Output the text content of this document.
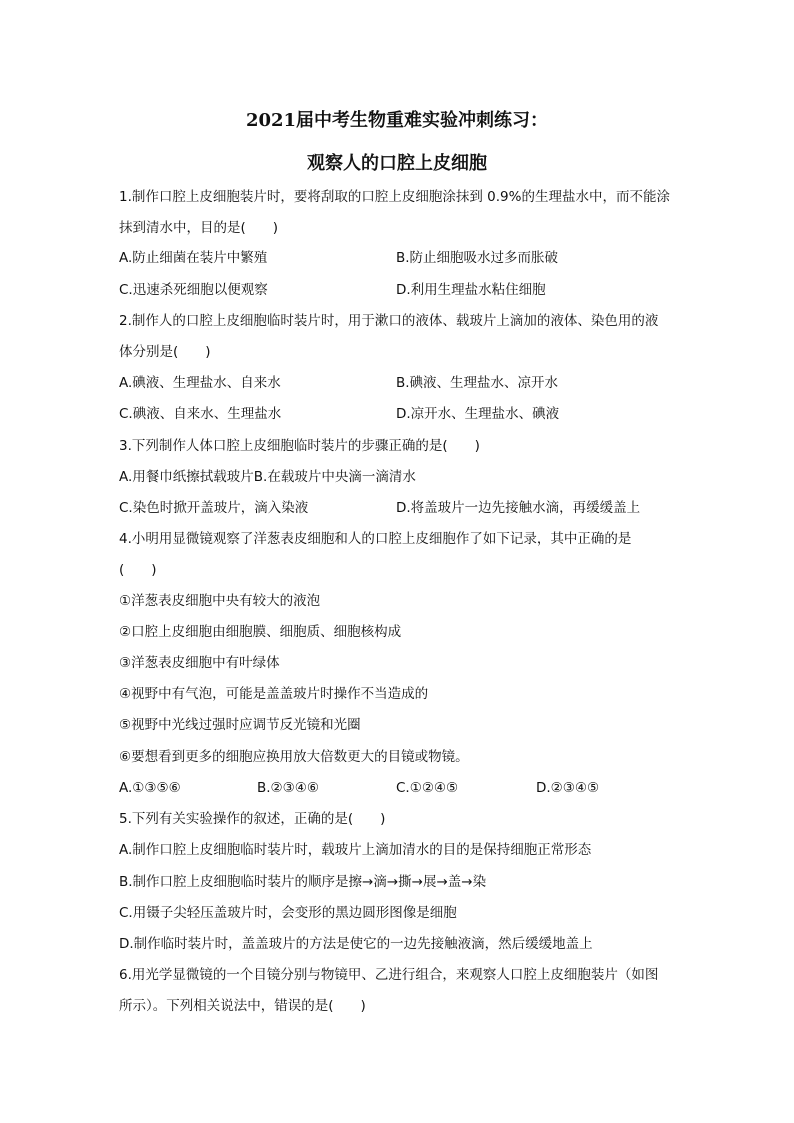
2021届中考生物重难实验冲刺练习：
观察人的口腔上皮细胞
1.制作口腔上皮细胞装片时，要将刮取的口腔上皮细胞涂抹到 0.9%的生理盐水中，而不能涂
抹到清水中，目的是(　　)
A.防止细菌在装片中繁殖	B.防止细胞吸水过多而胀破
C.迅速杀死细胞以便观察	D.利用生理盐水粘住细胞
2.制作人的口腔上皮细胞临时装片时，用于漱口的液体、载玻片上滴加的液体、染色用的液
体分别是(　　)
A.碘液、生理盐水、自来水	B.碘液、生理盐水、凉开水
C.碘液、自来水、生理盐水	D.凉开水、生理盐水、碘液
3.下列制作人体口腔上皮细胞临时装片的步骤正确的是(　　)
A.用餐巾纸擦拭载玻片B.在载玻片中央滴一滴清水
C.染色时掀开盖玻片，滴入染液	D.将盖玻片一边先接触水滴，再缓缓盖上
4.小明用显微镜观察了洋葱表皮细胞和人的口腔上皮细胞作了如下记录，其中正确的是
(　　)
①洋葱表皮细胞中央有较大的液泡
②口腔上皮细胞由细胞膜、细胞质、细胞核构成
③洋葱表皮细胞中有叶绿体
④视野中有气泡，可能是盖盖玻片时操作不当造成的
⑤视野中光线过强时应调节反光镜和光圈
⑥要想看到更多的细胞应换用放大倍数更大的目镜或物镜。
A.①③⑤⑥	B.②③④⑥	C.①②④⑤	D.②③④⑤
5.下列有关实验操作的叙述，正确的是(　　)
A.制作口腔上皮细胞临时装片时，载玻片上滴加清水的目的是保持细胞正常形态
B.制作口腔上皮细胞临时装片的顺序是擦→滴→撕→展→盖→染
C.用镊子尖轻压盖玻片时，会变形的黑边圆形图像是细胞
D.制作临时装片时，盖盖玻片的方法是使它的一边先接触液滴，然后缓缓地盖上
6.用光学显微镜的一个目镜分别与物镜甲、乙进行组合，来观察人口腔上皮细胞装片（如图
所示）。下列相关说法中，错误的是(　　)
